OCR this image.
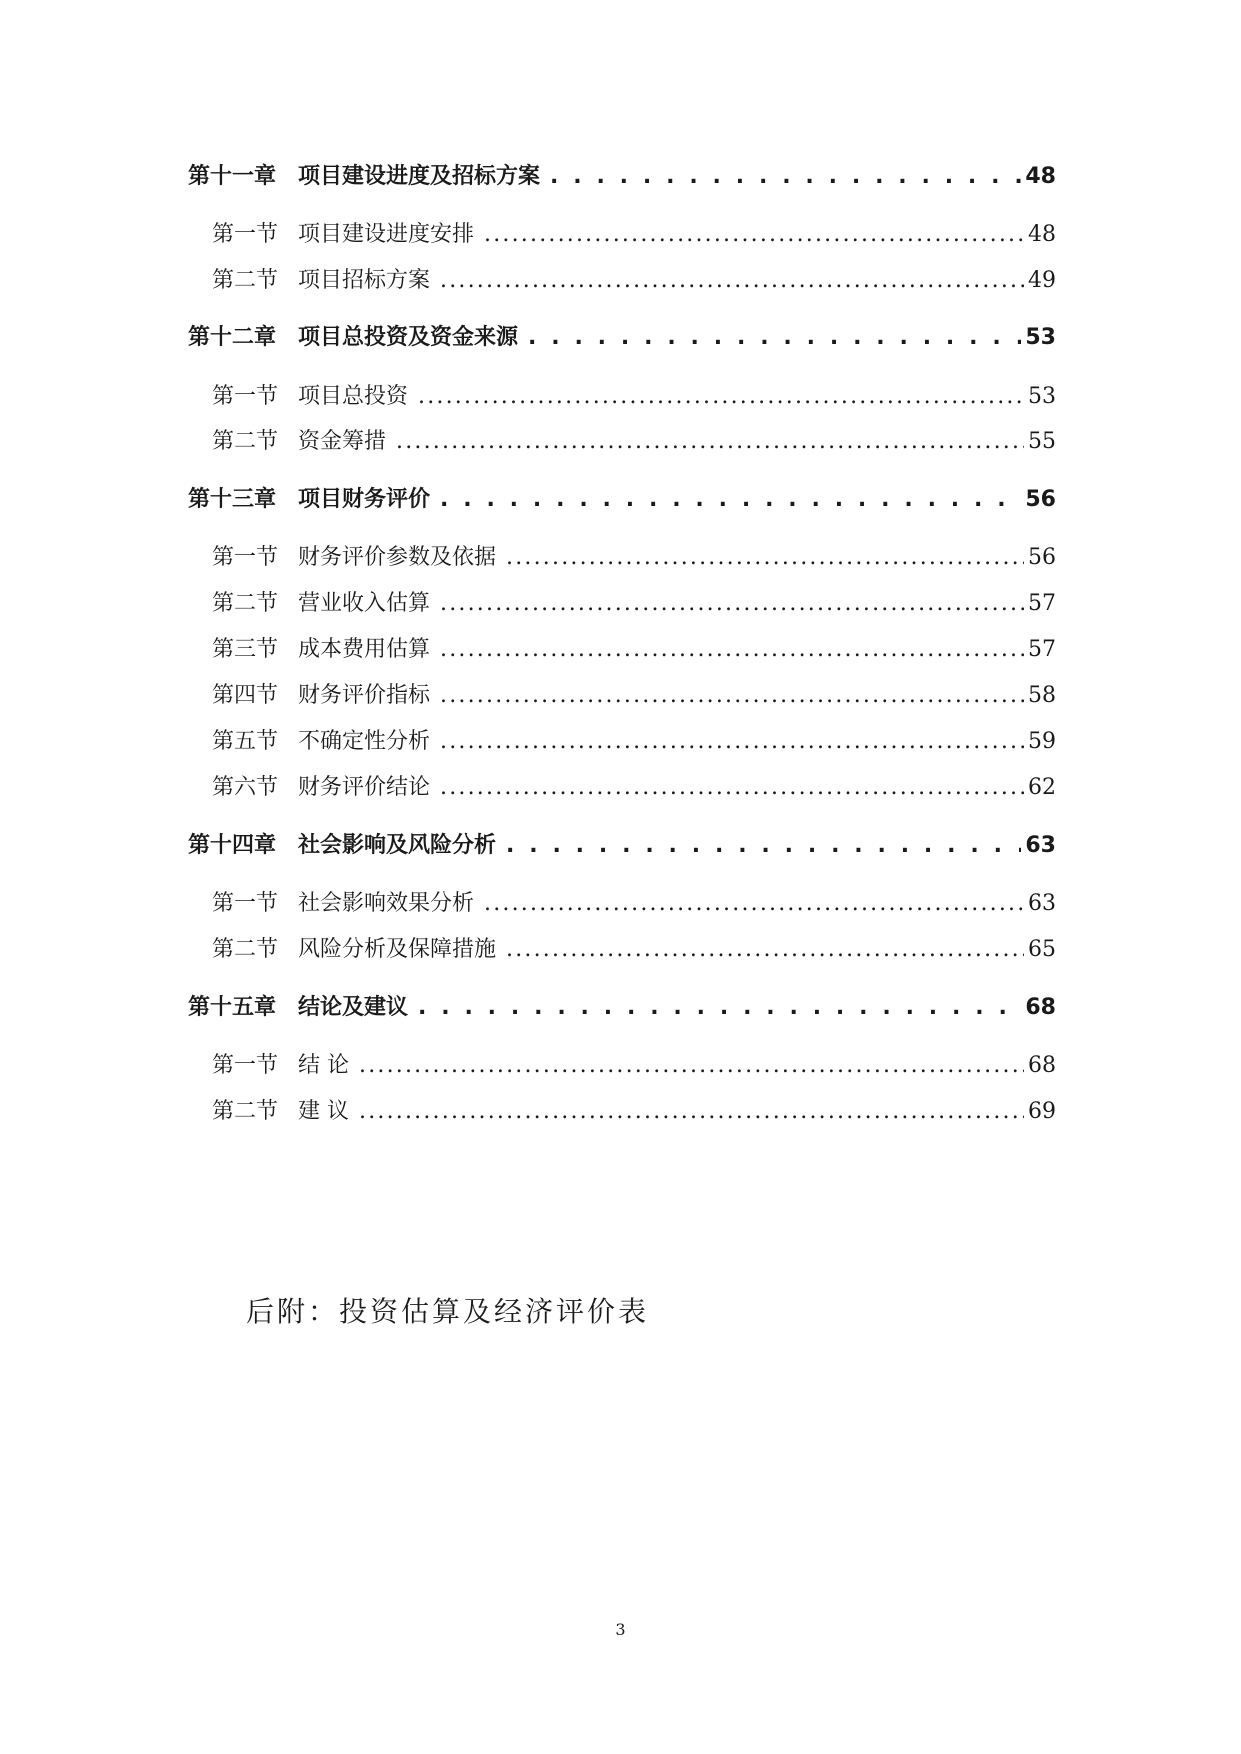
第十一章 项目建设进度及招标方案 . . .	48
第一节 项目建设进度安排 .....	48
第二节 项目招标方案 .....	49
第十二章 项目总投资及资金来源 . . .	53
第一节 项目总投资 .....	53
第二节 资金筹措 .....	55
第十三章 项目财务评价 . . .	56
第一节 财务评价参数及依据 .....	56
第二节 营业收入估算 .....	57
第三节 成本费用估算 .....	57
第四节 财务评价指标 .....	58
第五节 不确定性分析 .....	59
第六节 财务评价结论 .....	62
第十四章 社会影响及风险分析 . . .	63
第一节 社会影响效果分析 .....	63
第二节 风险分析及保障措施 .....	65
第十五章 结论及建议 . . .	68
第一节 结 论 .....	68
第二节 建 议 .....	69
后附：投资估算及经济评价表
3
